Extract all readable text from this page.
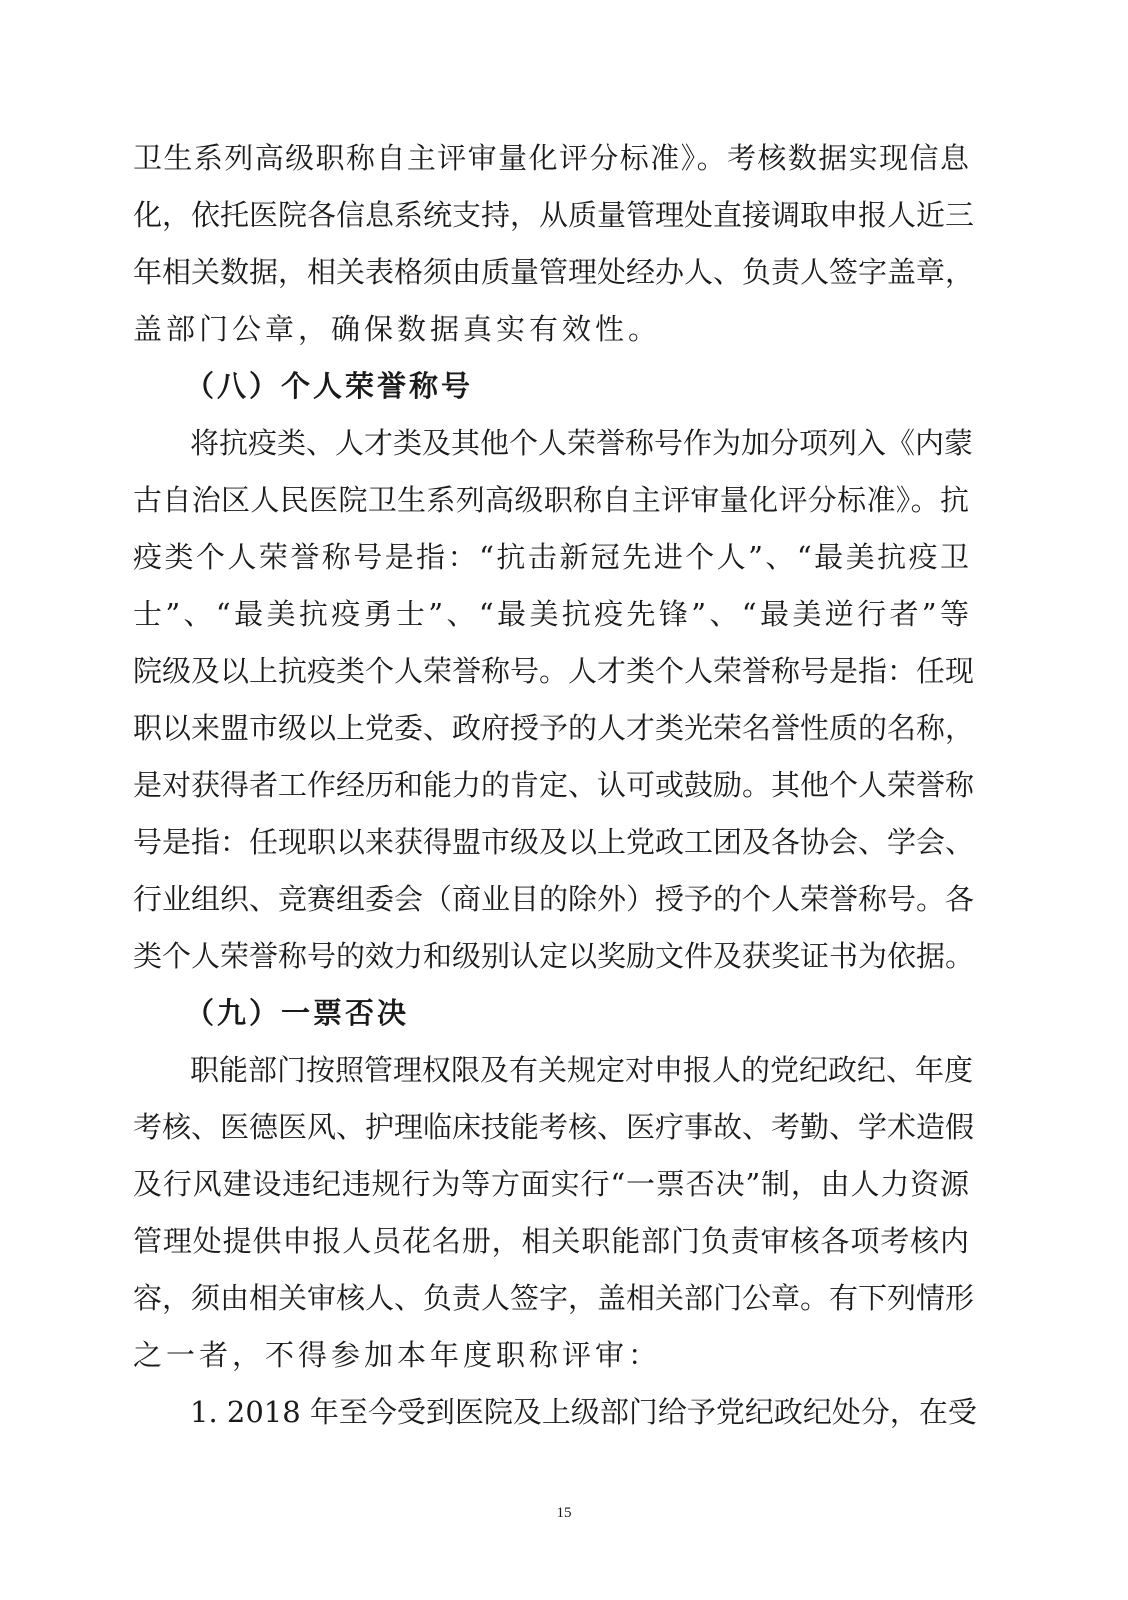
卫生系列高级职称自主评审量化评分标准》。考核数据实现信息
化，依托医院各信息系统支持，从质量管理处直接调取申报人近三
年相关数据，相关表格须由质量管理处经办人、负责人签字盖章，
盖部门公章，确保数据真实有效性。
（八）个人荣誉称号
将抗疫类、人才类及其他个人荣誉称号作为加分项列入《内蒙
古自治区人民医院卫生系列高级职称自主评审量化评分标准》。抗
疫类个人荣誉称号是指：“抗击新冠先进个人”、“最美抗疫卫
士”、“最美抗疫勇士”、“最美抗疫先锋”、“最美逆行者”等
院级及以上抗疫类个人荣誉称号。人才类个人荣誉称号是指：任现
职以来盟市级以上党委、政府授予的人才类光荣名誉性质的名称，
是对获得者工作经历和能力的肯定、认可或鼓励。其他个人荣誉称
号是指：任现职以来获得盟市级及以上党政工团及各协会、学会、
行业组织、竞赛组委会（商业目的除外）授予的个人荣誉称号。各
类个人荣誉称号的效力和级别认定以奖励文件及获奖证书为依据。
（九）一票否决
职能部门按照管理权限及有关规定对申报人的党纪政纪、年度
考核、医德医风、护理临床技能考核、医疗事故、考勤、学术造假
及行风建设违纪违规行为等方面实行“一票否决”制，由人力资源
管理处提供申报人员花名册，相关职能部门负责审核各项考核内
容，须由相关审核人、负责人签字，盖相关部门公章。有下列情形
之一者，不得参加本年度职称评审：
1. 2018 年至今受到医院及上级部门给予党纪政纪处分，在受
15
